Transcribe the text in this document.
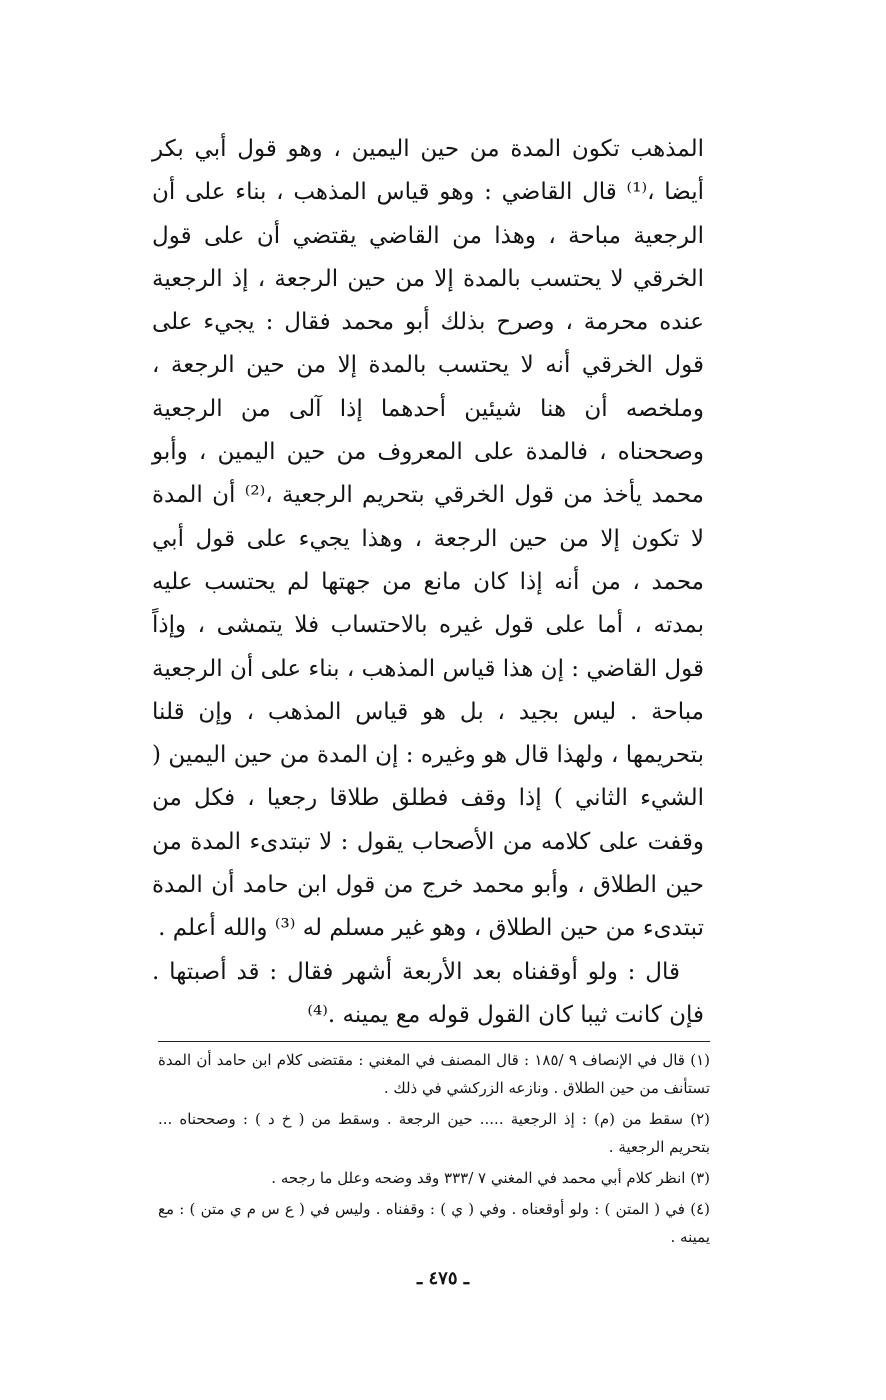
المذهب تكون المدة من حين اليمين ، وهو قول أبي بكر أيضا ،⁽¹⁾ قال القاضي : وهو قياس المذهب ، بناء على أن الرجعية مباحة ، وهذا من القاضي يقتضي أن على قول الخرقي لا يحتسب بالمدة إلا من حين الرجعة ، إذ الرجعية عنده محرمة ، وصرح بذلك أبو محمد فقال : يجيء على قول الخرقي أنه لا يحتسب بالمدة إلا من حين الرجعة ، وملخصه أن هنا شيئين أحدهما إذا آلى من الرجعية وصححناه ، فالمدة على المعروف من حين اليمين ، وأبو محمد يأخذ من قول الخرقي بتحريم الرجعية ،⁽²⁾ أن المدة لا تكون إلا من حين الرجعة ، وهذا يجيء على قول أبي محمد ، من أنه إذا كان مانع من جهتها لم يحتسب عليه بمدته ، أما على قول غيره بالاحتساب فلا يتمشى ، وإذاً قول القاضي : إن هذا قياس المذهب ، بناء على أن الرجعية مباحة . ليس بجيد ، بل هو قياس المذهب ، وإن قلنا بتحريمها ، ولهذا قال هو وغيره : إن المدة من حين اليمين ( الشيء الثاني ) إذا وقف فطلق طلاقا رجعيا ، فكل من وقفت على كلامه من الأصحاب يقول : لا تبتدىء المدة من حين الطلاق ، وأبو محمد خرج من قول ابن حامد أن المدة تبتدىء من حين الطلاق ، وهو غير مسلم له ⁽³⁾ والله أعلم .

قال : ولو أوقفناه بعد الأربعة أشهر فقال : قد أصبتها . فإن كانت ثيبا كان القول قوله مع يمينه .⁽⁴⁾

(١) قال في الإنصاف ٩ /١٨٥ : قال المصنف في المغني : مقتضى كلام ابن حامد أن المدة تستأنف من حين الطلاق . ونازعه الزركشي في ذلك .

(٢) سقط من (م) : إذ الرجعية ..... حين الرجعة . وسقط من ( خ د ) : وصححناه ... بتحريم الرجعية .

(٣) انظر كلام أبي محمد في المغني ٧ /٣٣٣ وقد وضحه وعلل ما رجحه .

(٤) في ( المتن ) : ولو أوقعناه . وفي ( ي ) : وقفناه . وليس في ( ع س م ي متن ) : مع يمينه .

ـ ٤٧٥ ـ
